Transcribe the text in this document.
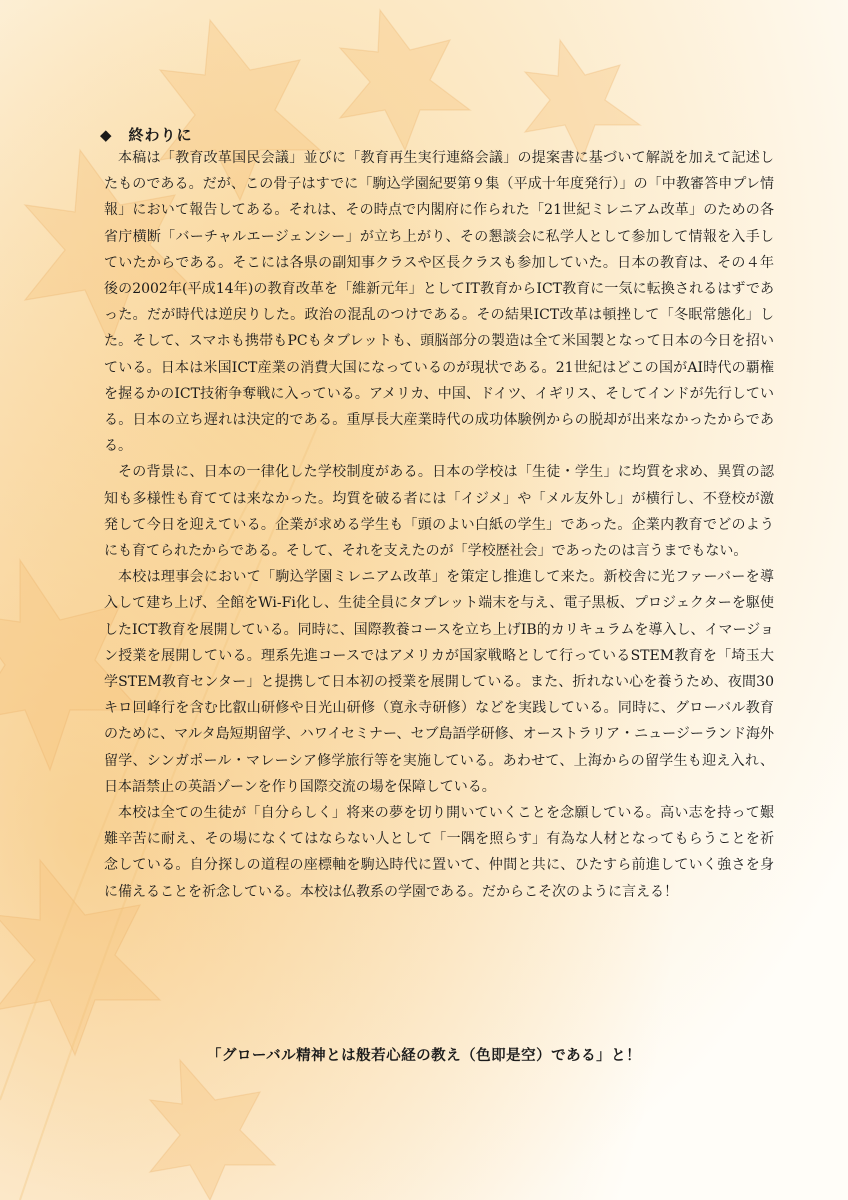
◆ 終わりに

本稿は「教育改革国民会議」並びに「教育再生実行連絡会議」の提案書に基づいて解説を加えて記述したものである。だが、この骨子はすでに「駒込学園紀要第９集（平成十年度発行）」の「中教審答申プレ情報」において報告してある。それは、その時点で内閣府に作られた「21世紀ミレニアム改革」のための各省庁横断「バーチャルエージェンシー」が立ち上がり、その懇談会に私学人として参加して情報を入手していたからである。そこには各県の副知事クラスや区長クラスも参加していた。日本の教育は、その４年後の2002年(平成14年)の教育改革を「維新元年」としてIT教育からICT教育に一気に転換されるはずであった。だが時代は逆戻りした。政治の混乱のつけである。その結果ICT改革は頓挫して「冬眠常態化」した。そして、スマホも携帯もPCもタブレットも、頭脳部分の製造は全て米国製となって日本の今日を招いている。日本は米国ICT産業の消費大国になっているのが現状である。21世紀はどこの国がAI時代の覇権を握るかのICT技術争奪戦に入っている。アメリカ、中国、ドイツ、イギリス、そしてインドが先行している。日本の立ち遅れは決定的である。重厚長大産業時代の成功体験例からの脱却が出来なかったからである。

その背景に、日本の一律化した学校制度がある。日本の学校は「生徒・学生」に均質を求め、異質の認知も多様性も育てては来なかった。均質を破る者には「イジメ」や「メル友外し」が横行し、不登校が激発して今日を迎えている。企業が求める学生も「頭のよい白紙の学生」であった。企業内教育でどのようにも育てられたからである。そして、それを支えたのが「学校歴社会」であったのは言うまでもない。

本校は理事会において「駒込学園ミレニアム改革」を策定し推進して来た。新校舎に光ファーバーを導入して建ち上げ、全館をWi-Fi化し、生徒全員にタブレット端末を与え、電子黒板、プロジェクターを駆使したICT教育を展開している。同時に、国際教養コースを立ち上げIB的カリキュラムを導入し、イマージョン授業を展開している。理系先進コースではアメリカが国家戦略として行っているSTEM教育を「埼玉大学STEM教育センター」と提携して日本初の授業を展開している。また、折れない心を養うため、夜間30キロ回峰行を含む比叡山研修や日光山研修（寛永寺研修）などを実践している。同時に、グローバル教育のために、マルタ島短期留学、ハワイセミナー、セブ島語学研修、オーストラリア・ニュージーランド海外留学、シンガポール・マレーシア修学旅行等を実施している。あわせて、上海からの留学生も迎え入れ、日本語禁止の英語ゾーンを作り国際交流の場を保障している。

本校は全ての生徒が「自分らしく」将来の夢を切り開いていくことを念願している。高い志を持って艱難辛苦に耐え、その場になくてはならない人として「一隅を照らす」有為な人材となってもらうことを祈念している。自分探しの道程の座標軸を駒込時代に置いて、仲間と共に、ひたすら前進していく強さを身に備えることを祈念している。本校は仏教系の学園である。だからこそ次のように言える！

「グローバル精神とは般若心経の教え（色即是空）である」と！
